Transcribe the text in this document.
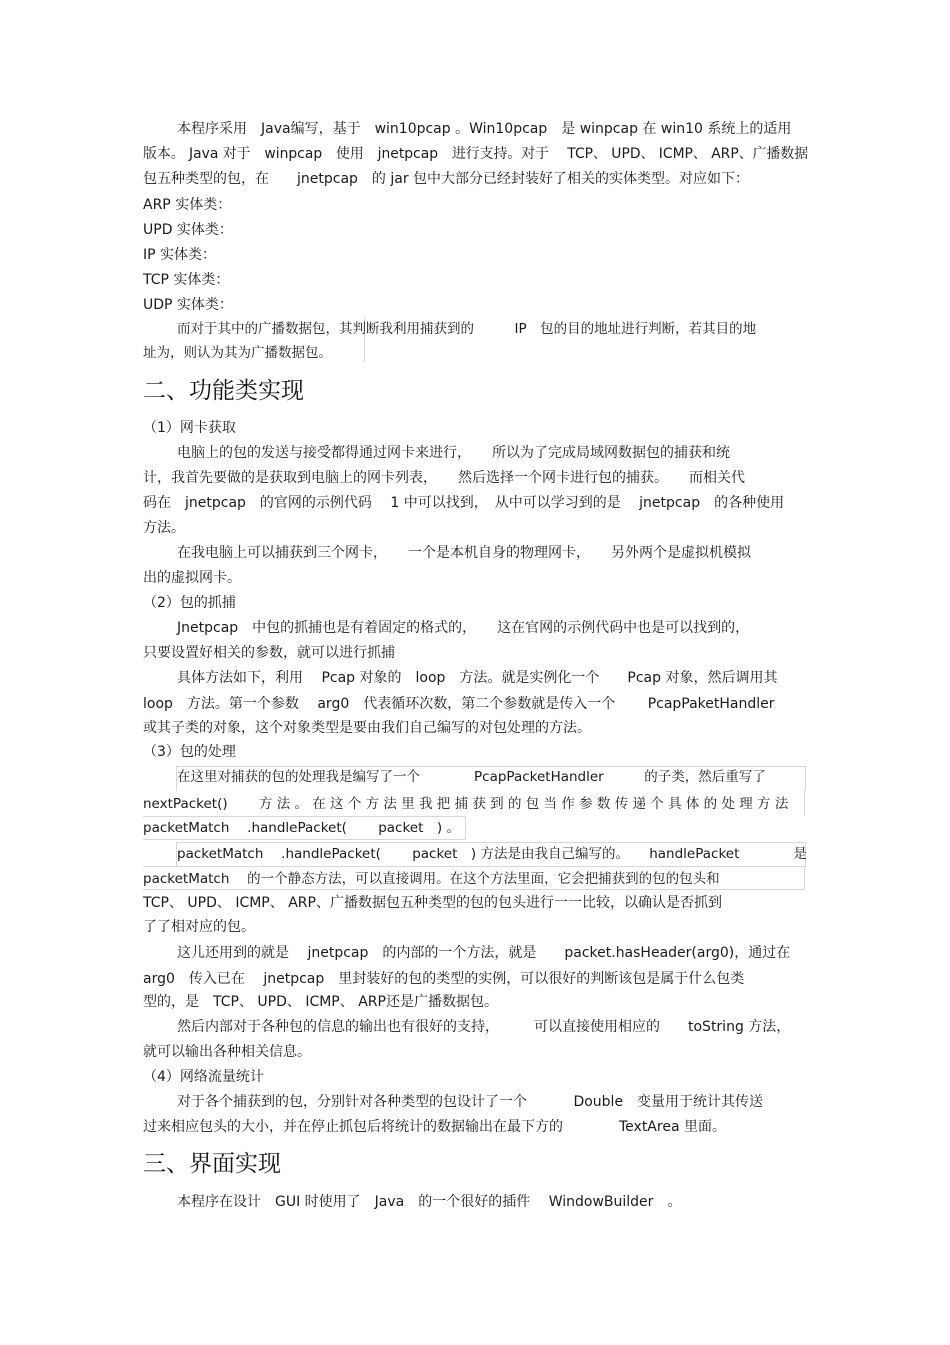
本程序采用　Java编写，基于　win10pcap 。Win10pcap　是 winpcap 在 win10 系统上的适用
版本。 Java 对于　winpcap　使用　jnetpcap　进行支持。对于　 TCP、 UPD、 ICMP、 ARP、广播数据
包五种类型的包，在　　jnetpcap　的 jar 包中大部分已经封装好了相关的实体类型。对应如下：
ARP 实体类：
UPD 实体类：
IP 实体类：
TCP 实体类：
UDP 实体类：
而对于其中的广播数据包，其判断我利用捕获到的　　　IP　包的目的地址进行判断，若其目的地
址为，则认为其为广播数据包。
二、功能类实现
（1）网卡获取
电脑上的包的发送与接受都得通过网卡来进行，　　所以为了完成局域网数据包的捕获和统
计，我首先要做的是获取到电脑上的网卡列表，　　然后选择一个网卡进行包的捕获。　　而相关代
码在　jnetpcap　的官网的示例代码　 1 中可以找到，　从中可以学习到的是　 jnetpcap　的各种使用
方法。
在我电脑上可以捕获到三个网卡，　　一个是本机自身的物理网卡，　　另外两个是虚拟机模拟
出的虚拟网卡。
（2）包的抓捕
Jnetpcap　中包的抓捕也是有着固定的格式的，　　这在官网的示例代码中也是可以找到的，
只要设置好相关的参数，就可以进行抓捕
具体方法如下，利用　 Pcap 对象的　loop　方法。就是实例化一个　　Pcap 对象，然后调用其
loop　方法。第一个参数　 arg0　代表循环次数，第二个参数就是传入一个　　 PcapPaketHandler
或其子类的对象，这个对象类型是要由我们自己编写的对包处理的方法。
（3）包的处理
在这里对捕获的包的处理我是编写了一个　　　　PcapPacketHandler　　　的子类，然后重写了
nextPacket()　　 方 法 。 在 这 个 方 法 里 我 把 捕 获 到 的 包 当 作 参 数 传 递 个 具 体 的 处 理 方 法
packetMatch　 .handlePacket(　　 packet　) 。
packetMatch　 .handlePacket(　　 packet　) 方法是由我自己编写的。　　handlePacket　　　　是
packetMatch　 的一个静态方法，可以直接调用。在这个方法里面，它会把捕获到的包的包头和
TCP、 UPD、 ICMP、 ARP、广播数据包五种类型的包的包头进行一一比较，以确认是否抓到
了了相对应的包。
这儿还用到的就是　 jnetpcap　的内部的一个方法，就是　　packet.hasHeader(arg0)，通过在
arg0　传入已在　 jnetpcap　里封装好的包的类型的实例，可以很好的判断该包是属于什么包类
型的，是　TCP、 UPD、 ICMP、 ARP还是广播数据包。
然后内部对于各种包的信息的输出也有很好的支持，　　　可以直接使用相应的　　toString 方法，
就可以输出各种相关信息。
（4）网络流量统计
对于各个捕获到的包，分别针对各种类型的包设计了一个　　　 Double　变量用于统计其传送
过来相应包头的大小，并在停止抓包后将统计的数据输出在最下方的　　　　TextArea 里面。
三、界面实现
本程序在设计　GUI 时使用了　Java　的一个很好的插件　 WindowBuilder　。
